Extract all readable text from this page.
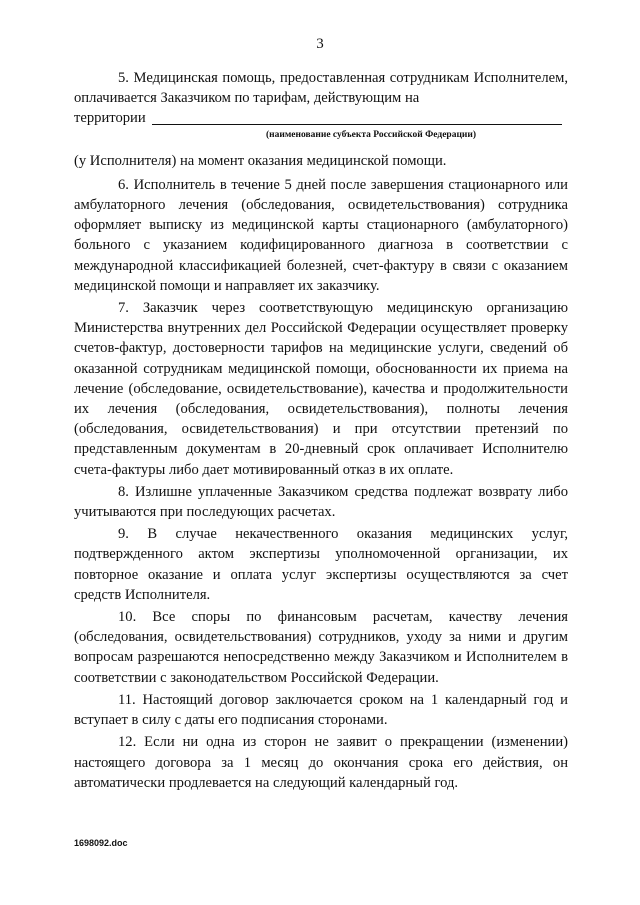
3

5. Медицинская помощь, предоставленная сотрудникам Исполнителем, оплачивается Заказчиком по тарифам, действующим на

территории
(наименование субъекта Российской Федерации)

(у Исполнителя) на момент оказания медицинской помощи.

6. Исполнитель в течение 5 дней после завершения стационарного или амбулаторного лечения (обследования, освидетельствования) сотрудника оформляет выписку из медицинской карты стационарного (амбулаторного) больного с указанием кодифицированного диагноза в соответствии с международной классификацией болезней, счет-фактуру в связи с оказанием медицинской помощи и направляет их заказчику.

7. Заказчик через соответствующую медицинскую организацию Министерства внутренних дел Российской Федерации осуществляет проверку счетов-фактур, достоверности тарифов на медицинские услуги, сведений об оказанной сотрудникам медицинской помощи, обоснованности их приема на лечение (обследование, освидетельствование), качества и продолжительности их лечения (обследования, освидетельствования), полноты лечения (обследования, освидетельствования) и при отсутствии претензий по представленным документам в 20-дневный срок оплачивает Исполнителю счета-фактуры либо дает мотивированный отказ в их оплате.

8. Излишне уплаченные Заказчиком средства подлежат возврату либо учитываются при последующих расчетах.

9. В случае некачественного оказания медицинских услуг, подтвержденного актом экспертизы уполномоченной организации, их повторное оказание и оплата услуг экспертизы осуществляются за счет средств Исполнителя.

10. Все споры по финансовым расчетам, качеству лечения (обследования, освидетельствования) сотрудников, уходу за ними и другим вопросам разрешаются непосредственно между Заказчиком и Исполнителем в соответствии с законодательством Российской Федерации.

11. Настоящий договор заключается сроком на 1 календарный год и вступает в силу с даты его подписания сторонами.

12. Если ни одна из сторон не заявит о прекращении (изменении) настоящего договора за 1 месяц до окончания срока его действия, он автоматически продлевается на следующий календарный год.

1698092.doc
